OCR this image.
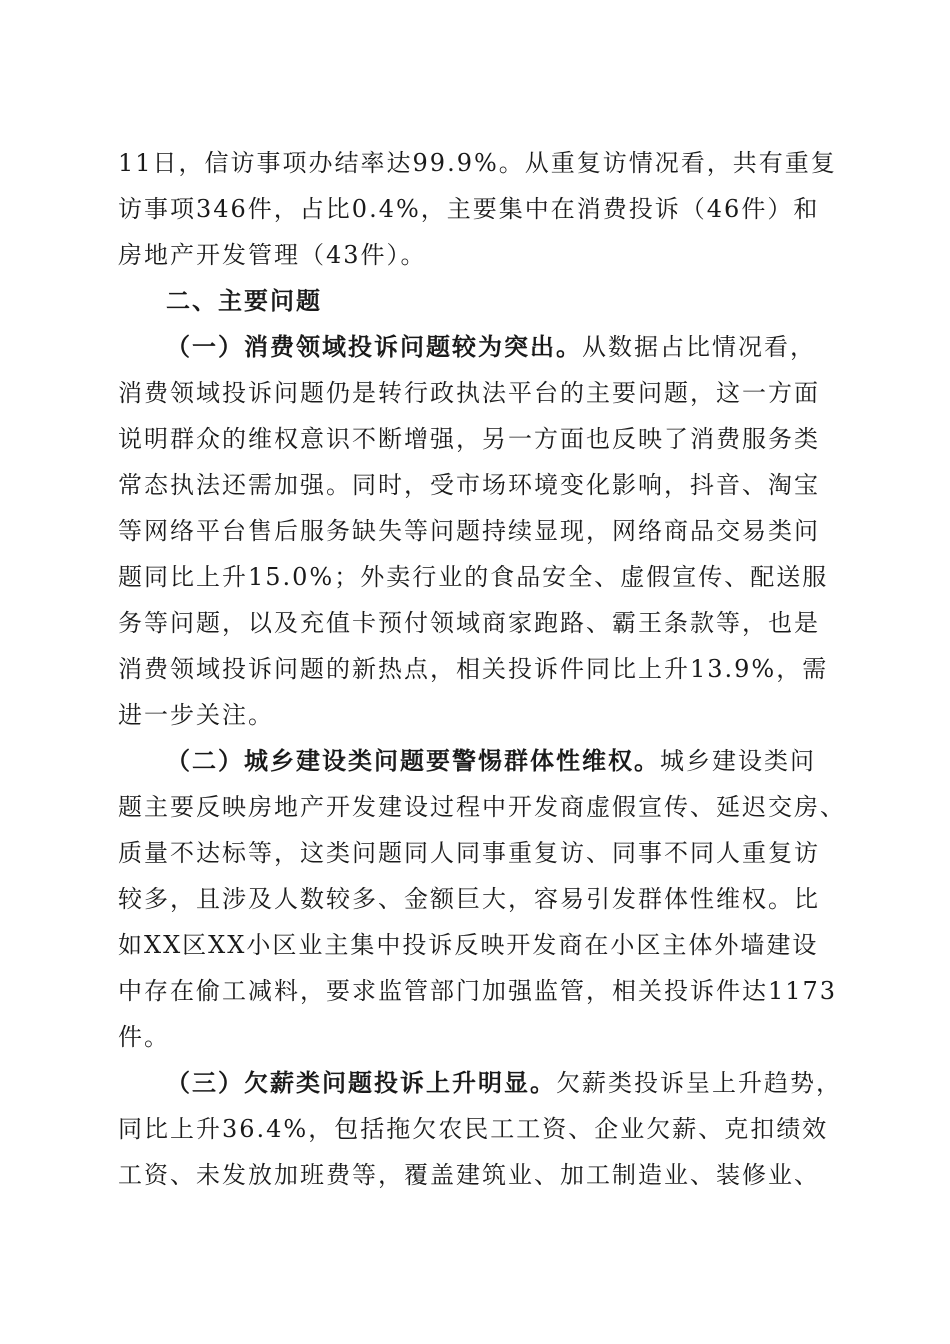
11日，信访事项办结率达99.9%。从重复访情况看，共有重复
访事项346件，占比0.4%，主要集中在消费投诉（46件）和
房地产开发管理（43件）。
二、主要问题
（一）消费领域投诉问题较为突出。从数据占比情况看，
消费领域投诉问题仍是转行政执法平台的主要问题，这一方面
说明群众的维权意识不断增强，另一方面也反映了消费服务类
常态执法还需加强。同时，受市场环境变化影响，抖音、淘宝
等网络平台售后服务缺失等问题持续显现，网络商品交易类问
题同比上升15.0%；外卖行业的食品安全、虚假宣传、配送服
务等问题，以及充值卡预付领域商家跑路、霸王条款等，也是
消费领域投诉问题的新热点，相关投诉件同比上升13.9%，需
进一步关注。
（二）城乡建设类问题要警惕群体性维权。城乡建设类问
题主要反映房地产开发建设过程中开发商虚假宣传、延迟交房、
质量不达标等，这类问题同人同事重复访、同事不同人重复访
较多，且涉及人数较多、金额巨大，容易引发群体性维权。比
如XX区XX小区业主集中投诉反映开发商在小区主体外墙建设
中存在偷工减料，要求监管部门加强监管，相关投诉件达1173
件。
（三）欠薪类问题投诉上升明显。欠薪类投诉呈上升趋势，
同比上升36.4%，包括拖欠农民工工资、企业欠薪、克扣绩效
工资、未发放加班费等，覆盖建筑业、加工制造业、装修业、
